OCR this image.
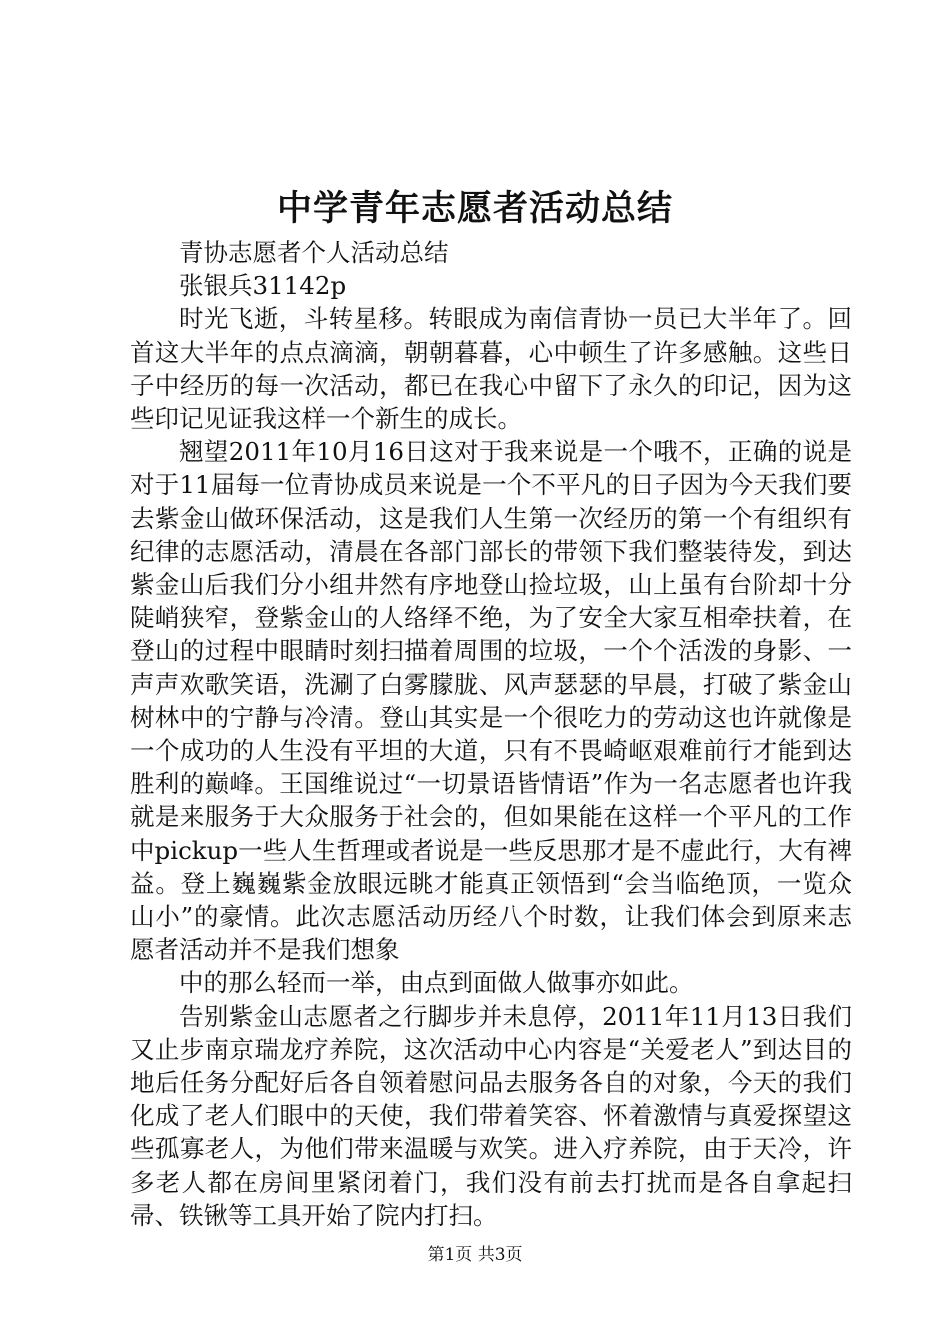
中学青年志愿者活动总结

青协志愿者个人活动总结

张银兵31142p

时光飞逝，斗转星移。转眼成为南信青协一员已大半年了。回首这大半年的点点滴滴，朝朝暮暮，心中顿生了许多感触。这些日子中经历的每一次活动，都已在我心中留下了永久的印记，因为这些印记见证我这样一个新生的成长。

翘望2011年10月16日这对于我来说是一个哦不，正确的说是对于11届每一位青协成员来说是一个不平凡的日子因为今天我们要去紫金山做环保活动，这是我们人生第一次经历的第一个有组织有纪律的志愿活动，清晨在各部门部长的带领下我们整装待发，到达紫金山后我们分小组井然有序地登山捡垃圾，山上虽有台阶却十分陡峭狭窄，登紫金山的人络绎不绝，为了安全大家互相牵扶着，在登山的过程中眼睛时刻扫描着周围的垃圾，一个个活泼的身影、一声声欢歌笑语，洗涮了白雾朦胧、风声瑟瑟的早晨，打破了紫金山树林中的宁静与冷清。登山其实是一个很吃力的劳动这也许就像是一个成功的人生没有平坦的大道，只有不畏崎岖艰难前行才能到达胜利的巅峰。王国维说过“一切景语皆情语”作为一名志愿者也许我就是来服务于大众服务于社会的，但如果能在这样一个平凡的工作中pickup一些人生哲理或者说是一些反思那才是不虚此行，大有裨益。登上巍巍紫金放眼远眺才能真正领悟到“会当临绝顶，一览众山小”的豪情。此次志愿活动历经八个时数，让我们体会到原来志愿者活动并不是我们想象

中的那么轻而一举，由点到面做人做事亦如此。

告别紫金山志愿者之行脚步并未息停，2011年11月13日我们又止步南京瑞龙疗养院，这次活动中心内容是“关爱老人”到达目的地后任务分配好后各自领着慰问品去服务各自的对象，今天的我们化成了老人们眼中的天使，我们带着笑容、怀着激情与真爱探望这些孤寡老人，为他们带来温暖与欢笑。进入疗养院，由于天冷，许多老人都在房间里紧闭着门，我们没有前去打扰而是各自拿起扫帚、铁锹等工具开始了院内打扫。

第1页 共3页
